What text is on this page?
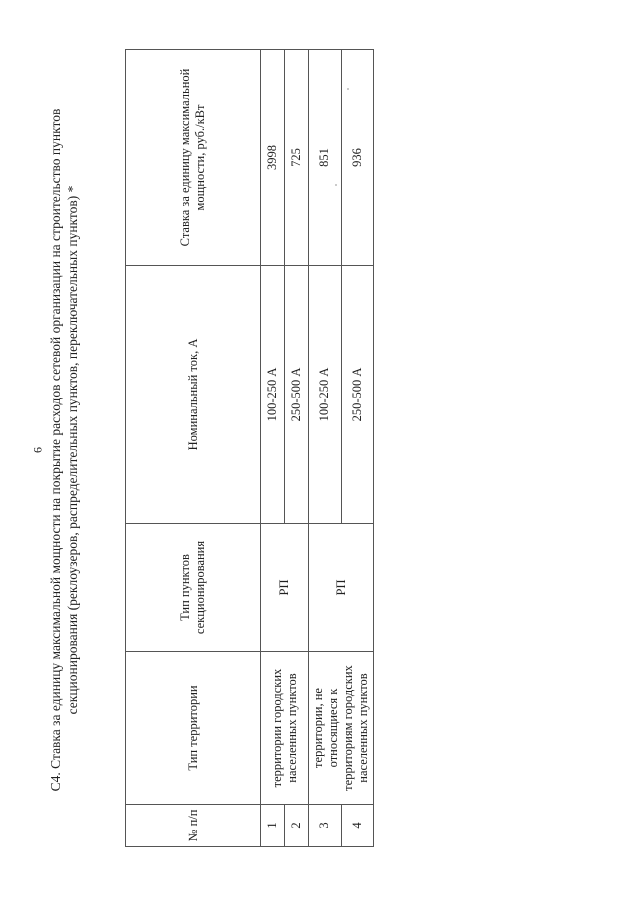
6 С4. Ставка за единицу максимальной мощности на покрытие расходов сетевой организации на строительство пунктов секционирования (реклоузеров, распределительных пунктов, переключательных пунктов) *
№ п/п	Тип территории	Тип пунктов секционирования	Номинальный ток, А	Ставка за единицу максимальной мощности, руб./кВт
1	территории городских населенных пунктов	РП	100-250 А	3998
2			250-500 А	725
3	территории, не относящиеся к территориям городских населенных пунктов	РП	100-250 А	851
4			250-500 А	936
